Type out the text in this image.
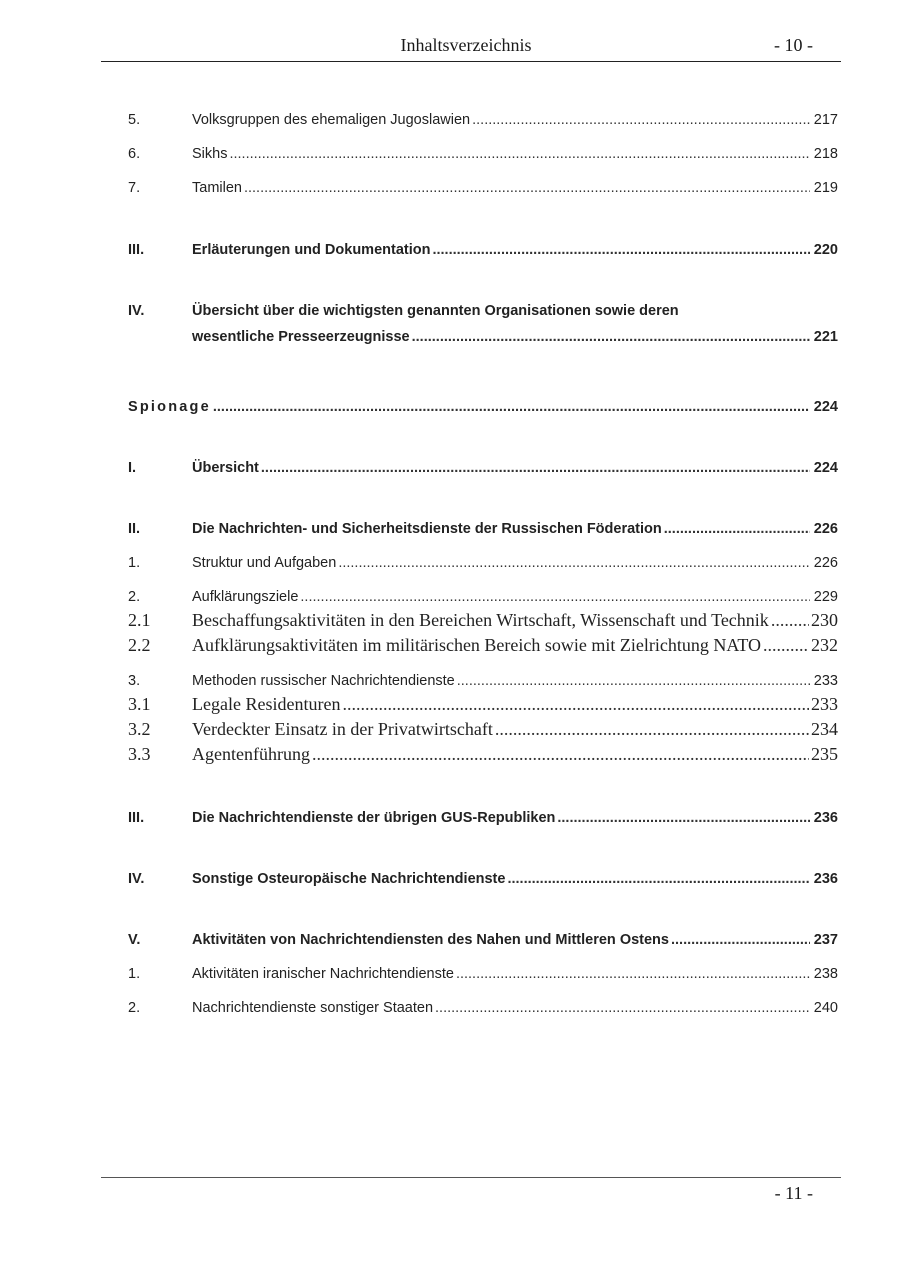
Inhaltsverzeichnis	- 10 -
5.	Volksgruppen des ehemaligen Jugoslawien .....	217
6.	Sikhs .....	218
7.	Tamilen .....	219
III.	Erläuterungen und Dokumentation .....	220
IV.	Übersicht über die wichtigsten genannten Organisationen sowie deren
wesentliche Presseerzeugnisse .....	221
Spionage .....	224
I.	Übersicht .....	224
II.	Die Nachrichten- und Sicherheitsdienste der Russischen Föderation .....	226
1.	Struktur und Aufgaben .....	226
2.	Aufklärungsziele .....	229
2.1	Beschaffungsaktivitäten in den Bereichen Wirtschaft, Wissenschaft und Technik ..... 230
2.2	Aufklärungsaktivitäten im militärischen Bereich sowie mit Zielrichtung NATO .....	232
3.	Methoden russischer Nachrichtendienste .....	233
3.1	Legale Residenturen .....	233
3.2	Verdeckter Einsatz in der Privatwirtschaft .....	234
3.3	Agentenführung .....	235
III.	Die Nachrichtendienste der übrigen GUS-Republiken .....	236
IV.	Sonstige Osteuropäische Nachrichtendienste .....	236
V.	Aktivitäten von Nachrichtendiensten des Nahen und Mittleren Ostens .....	237
1.	Aktivitäten iranischer Nachrichtendienste .....	238
2.	Nachrichtendienste sonstiger Staaten .....	240
- 11 -
